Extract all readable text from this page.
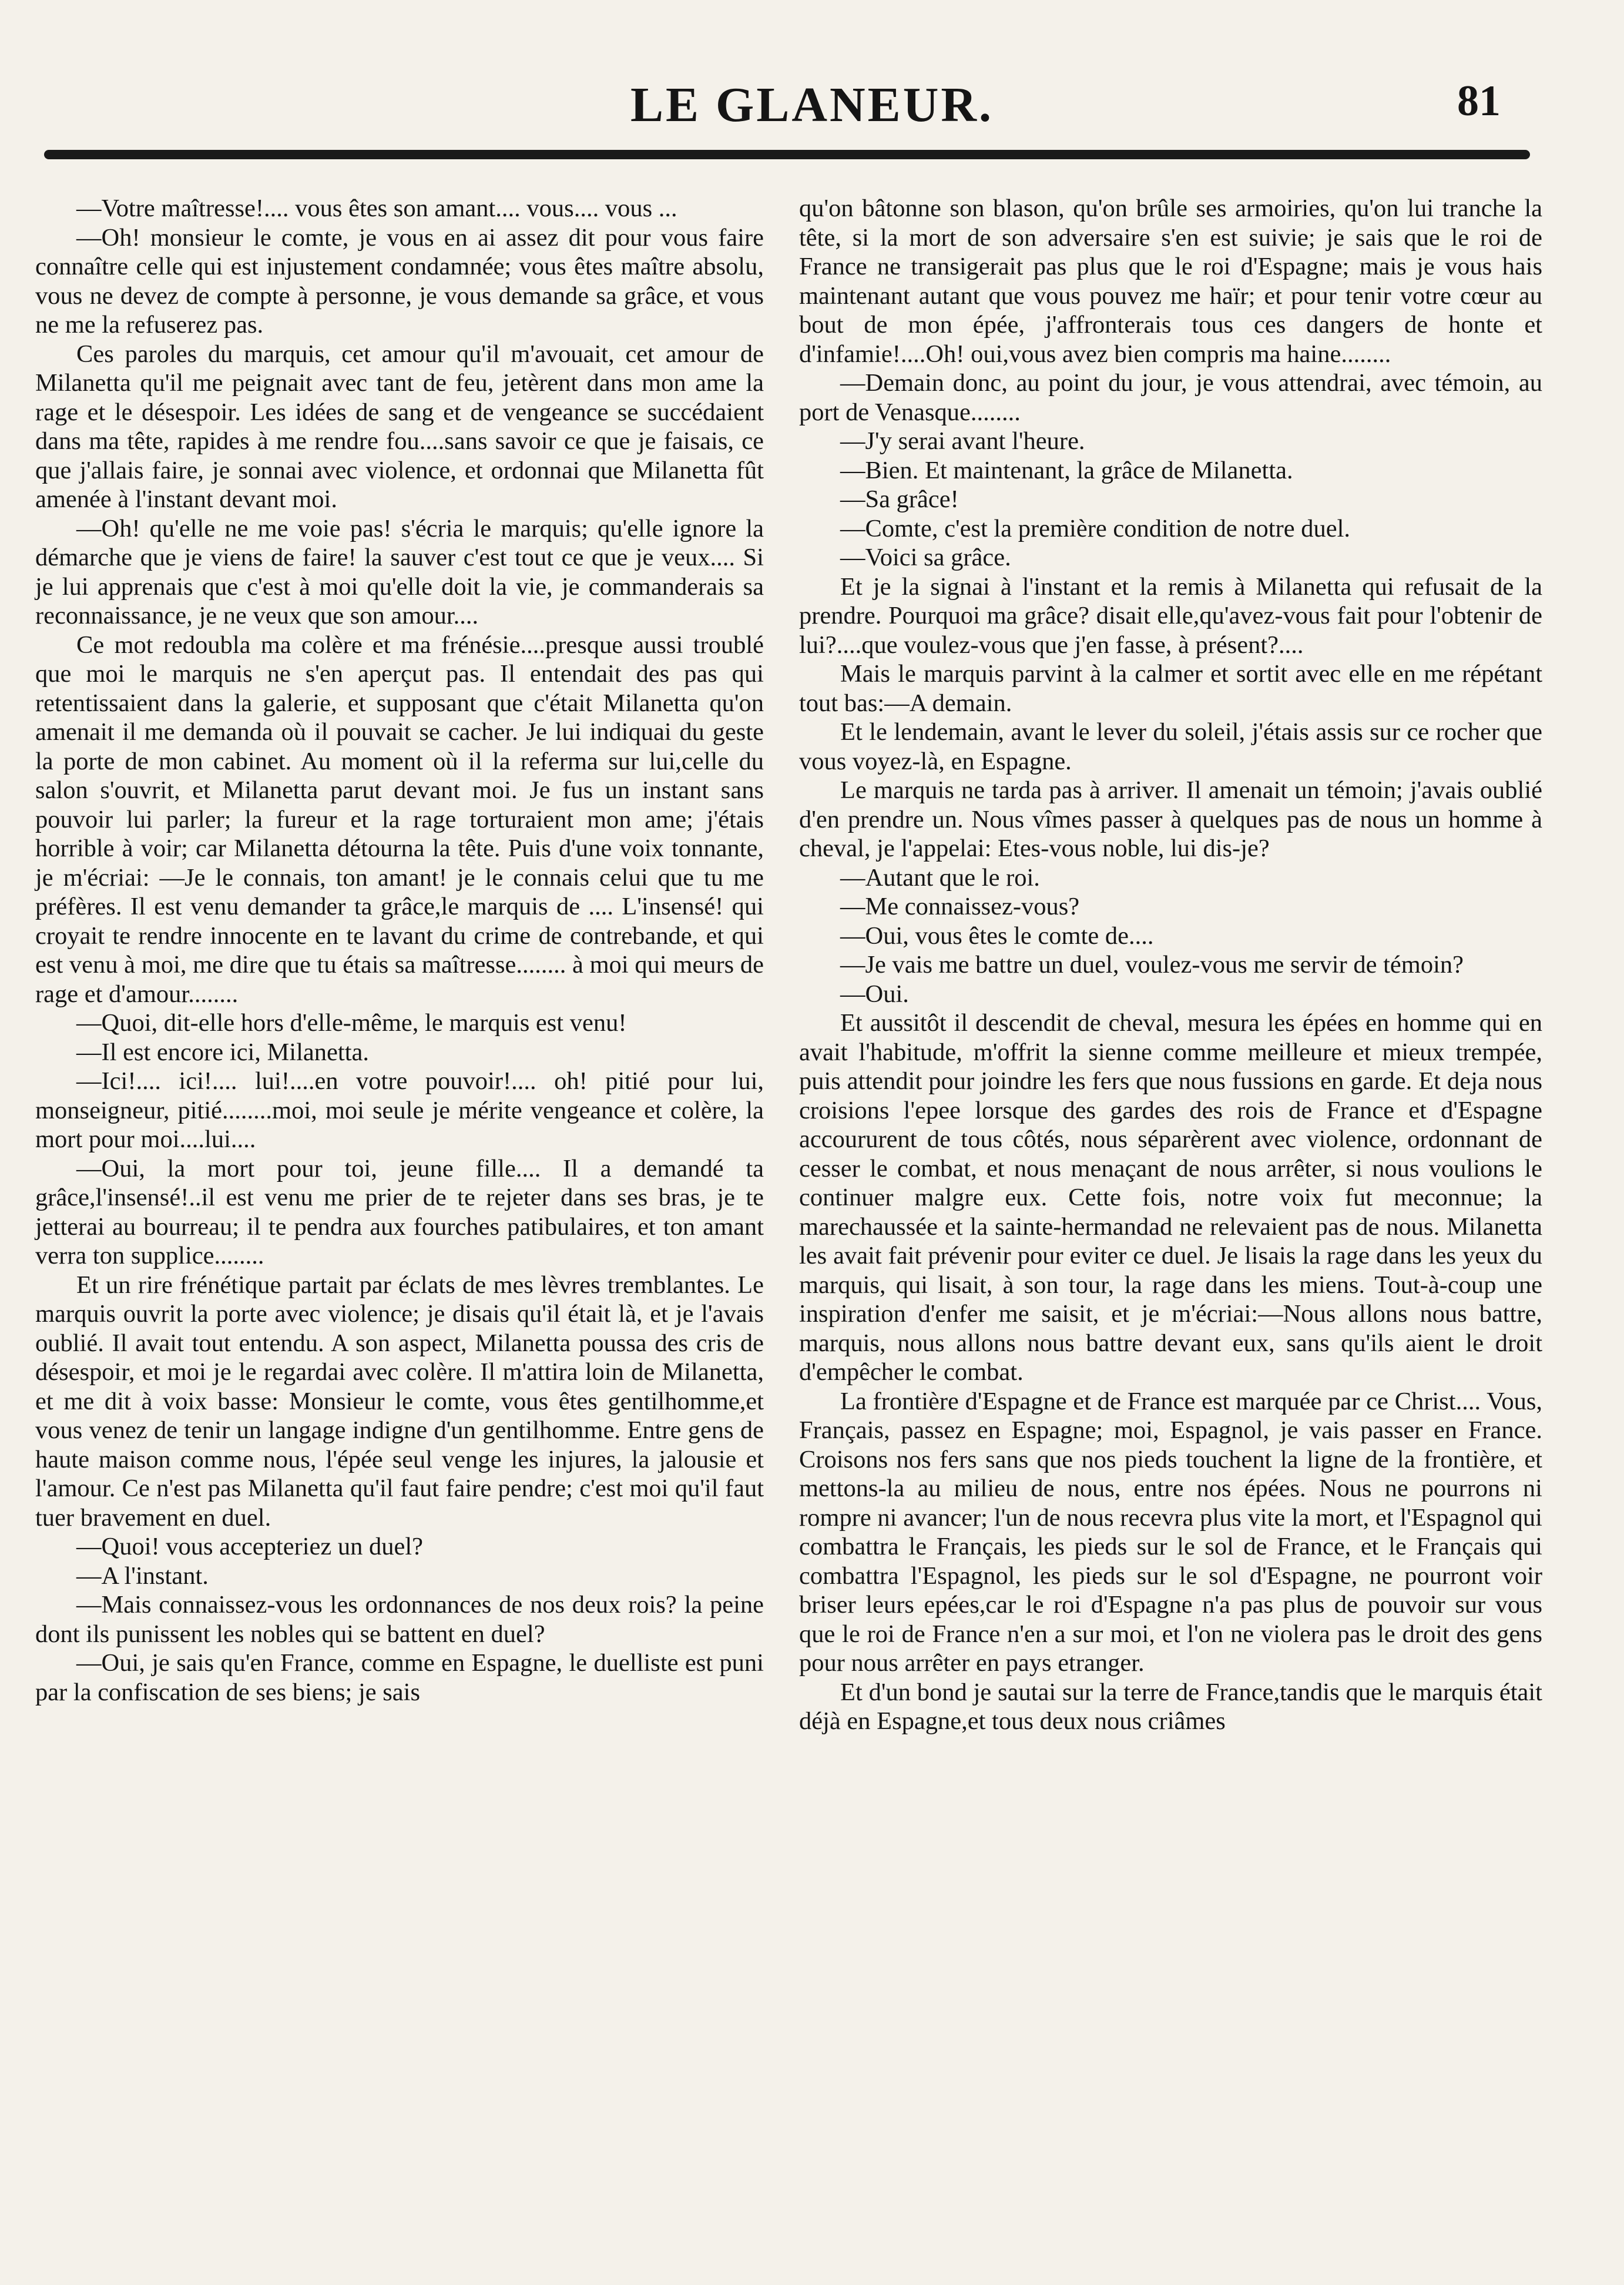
LE GLANEUR.	81

—Votre maîtresse!.... vous êtes son amant.... vous.... vous ...

—Oh! monsieur le comte, je vous en ai assez dit pour vous faire connaître celle qui est injustement condamnée; vous êtes maître absolu, vous ne devez de compte à personne, je vous demande sa grâce, et vous ne me la refuserez pas.

Ces paroles du marquis, cet amour qu'il m'avouait, cet amour de Milanetta qu'il me peignait avec tant de feu, jetèrent dans mon ame la rage et le désespoir. Les idées de sang et de vengeance se succédaient dans ma tête, rapides à me rendre fou....sans savoir ce que je faisais, ce que j'allais faire, je sonnai avec violence, et ordonnai que Milanetta fût amenée à l'instant devant moi.

—Oh! qu'elle ne me voie pas! s'écria le marquis; qu'elle ignore la démarche que je viens de faire! la sauver c'est tout ce que je veux.... Si je lui apprenais que c'est à moi qu'elle doit la vie, je commanderais sa reconnaissance, je ne veux que son amour....

Ce mot redoubla ma colère et ma frénésie....presque aussi troublé que moi le marquis ne s'en aperçut pas. Il entendait des pas qui retentissaient dans la galerie, et supposant que c'était Milanetta qu'on amenait il me demanda où il pouvait se cacher. Je lui indiquai du geste la porte de mon cabinet. Au moment où il la referma sur lui,celle du salon s'ouvrit, et Milanetta parut devant moi. Je fus un instant sans pouvoir lui parler; la fureur et la rage torturaient mon ame; j'étais horrible à voir; car Milanetta détourna la tête. Puis d'une voix tonnante, je m'écriai: —Je le connais, ton amant! je le connais celui que tu me préfères. Il est venu demander ta grâce,le marquis de .... L'insensé! qui croyait te rendre innocente en te lavant du crime de contrebande, et qui est venu à moi, me dire que tu étais sa maîtresse........ à moi qui meurs de rage et d'amour........

—Quoi, dit-elle hors d'elle-même, le marquis est venu!

—Il est encore ici, Milanetta.

—Ici!.... ici!.... lui!....en votre pouvoir!.... oh! pitié pour lui, monseigneur, pitié........moi, moi seule je mérite vengeance et colère, la mort pour moi....lui....

—Oui, la mort pour toi, jeune fille.... Il a demandé ta grâce,l'insensé!..il est venu me prier de te rejeter dans ses bras, je te jetterai au bourreau; il te pendra aux fourches patibulaires, et ton amant verra ton supplice........

Et un rire frénétique partait par éclats de mes lèvres tremblantes. Le marquis ouvrit la porte avec violence; je disais qu'il était là, et je l'avais oublié. Il avait tout entendu. A son aspect, Milanetta poussa des cris de désespoir, et moi je le regardai avec colère. Il m'attira loin de Milanetta, et me dit à voix basse: Monsieur le comte, vous êtes gentilhomme,et vous venez de tenir un langage indigne d'un gentilhomme. Entre gens de haute maison comme nous, l'épée seul venge les injures, la jalousie et l'amour. Ce n'est pas Milanetta qu'il faut faire pendre; c'est moi qu'il faut tuer bravement en duel.

—Quoi! vous accepteriez un duel?

—A l'instant.

—Mais connaissez-vous les ordonnances de nos deux rois? la peine dont ils punissent les nobles qui se battent en duel?

—Oui, je sais qu'en France, comme en Espagne, le duelliste est puni par la confiscation de ses biens; je sais

qu'on bâtonne son blason, qu'on brûle ses armoiries, qu'on lui tranche la tête, si la mort de son adversaire s'en est suivie; je sais que le roi de France ne transigerait pas plus que le roi d'Espagne; mais je vous hais maintenant autant que vous pouvez me haïr; et pour tenir votre cœur au bout de mon épée, j'affronterais tous ces dangers de honte et d'infamie!....Oh! oui,vous avez bien compris ma haine........

—Demain donc, au point du jour, je vous attendrai, avec témoin, au port de Venasque........

—J'y serai avant l'heure.

—Bien. Et maintenant, la grâce de Milanetta.

—Sa grâce!

—Comte, c'est la première condition de notre duel.

—Voici sa grâce.

Et je la signai à l'instant et la remis à Milanetta qui refusait de la prendre. Pourquoi ma grâce? disait elle,qu'avez-vous fait pour l'obtenir de lui?....que voulez-vous que j'en fasse, à présent?....

Mais le marquis parvint à la calmer et sortit avec elle en me répétant tout bas:—A demain.

Et le lendemain, avant le lever du soleil, j'étais assis sur ce rocher que vous voyez-là, en Espagne.

Le marquis ne tarda pas à arriver. Il amenait un témoin; j'avais oublié d'en prendre un. Nous vîmes passer à quelques pas de nous un homme à cheval, je l'appelai: Etes-vous noble, lui dis-je?

—Autant que le roi.

—Me connaissez-vous?

—Oui, vous êtes le comte de....

—Je vais me battre un duel, voulez-vous me servir de témoin?

—Oui.

Et aussitôt il descendit de cheval, mesura les épées en homme qui en avait l'habitude, m'offrit la sienne comme meilleure et mieux trempée, puis attendit pour joindre les fers que nous fussions en garde. Et deja nous croisions l'epee lorsque des gardes des rois de France et d'Espagne accoururent de tous côtés, nous séparèrent avec violence, ordonnant de cesser le combat, et nous menaçant de nous arrêter, si nous voulions le continuer malgre eux. Cette fois, notre voix fut meconnue; la marechaussée et la sainte-hermandad ne relevaient pas de nous. Milanetta les avait fait prévenir pour eviter ce duel. Je lisais la rage dans les yeux du marquis, qui lisait, à son tour, la rage dans les miens. Tout-à-coup une inspiration d'enfer me saisit, et je m'écriai:—Nous allons nous battre, marquis, nous allons nous battre devant eux, sans qu'ils aient le droit d'empêcher le combat.

La frontière d'Espagne et de France est marquée par ce Christ.... Vous, Français, passez en Espagne; moi, Espagnol, je vais passer en France. Croisons nos fers sans que nos pieds touchent la ligne de la frontière, et mettons-la au milieu de nous, entre nos épées. Nous ne pourrons ni rompre ni avancer; l'un de nous recevra plus vite la mort, et l'Espagnol qui combattra le Français, les pieds sur le sol de France, et le Français qui combattra l'Espagnol, les pieds sur le sol d'Espagne, ne pourront voir briser leurs epées,car le roi d'Espagne n'a pas plus de pouvoir sur vous que le roi de France n'en a sur moi, et l'on ne violera pas le droit des gens pour nous arrêter en pays etranger.

Et d'un bond je sautai sur la terre de France,tandis que le marquis était déjà en Espagne,et tous deux nous criâmes
